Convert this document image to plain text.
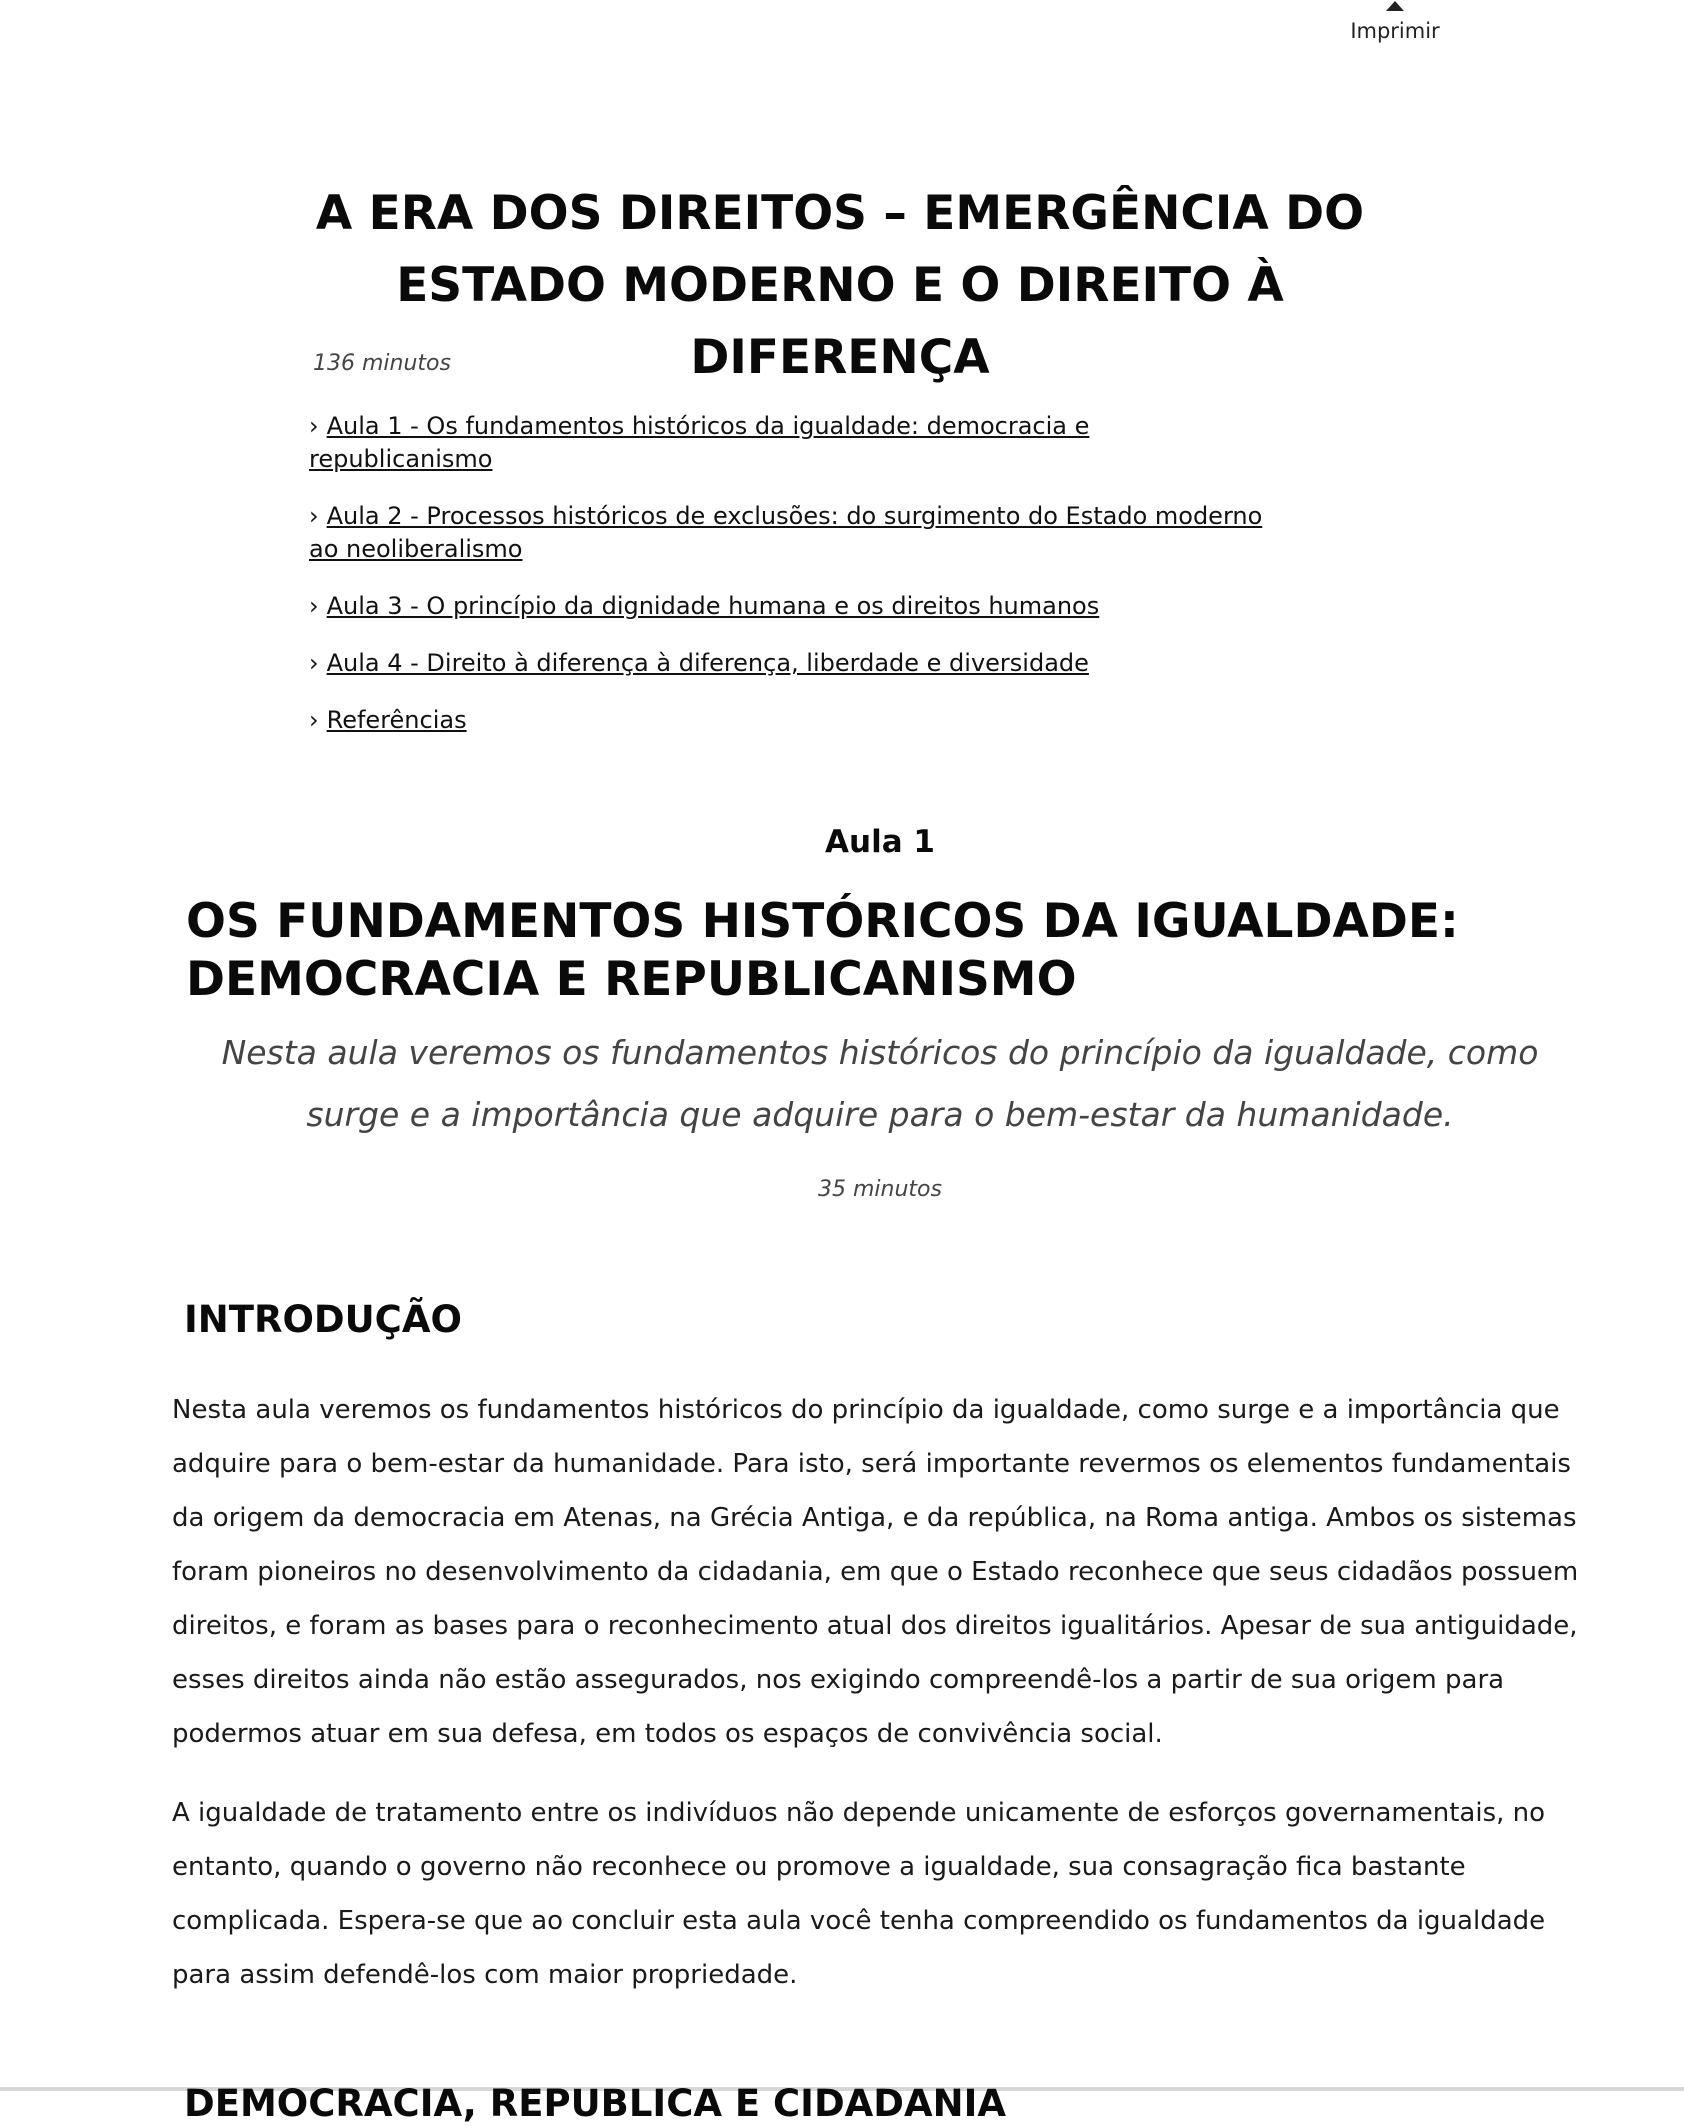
Imprimir
A ERA DOS DIREITOS – EMERGÊNCIA DO ESTADO MODERNO E O DIREITO À DIFERENÇA
136 minutos
› Aula 1 - Os fundamentos históricos da igualdade: democracia e republicanismo
› Aula 2 - Processos históricos de exclusões: do surgimento do Estado moderno ao neoliberalismo
› Aula 3 - O princípio da dignidade humana e os direitos humanos
› Aula 4 - Direito à diferença à diferença, liberdade e diversidade
› Referências
Aula 1
OS FUNDAMENTOS HISTÓRICOS DA IGUALDADE: DEMOCRACIA E REPUBLICANISMO

Nesta aula veremos os fundamentos históricos do princípio da igualdade, como surge e a importância que adquire para o bem-estar da humanidade.

35 minutos
INTRODUÇÃO

Nesta aula veremos os fundamentos históricos do princípio da igualdade, como surge e a importância que adquire para o bem-estar da humanidade. Para isto, será importante revermos os elementos fundamentais da origem da democracia em Atenas, na Grécia Antiga, e da república, na Roma antiga. Ambos os sistemas foram pioneiros no desenvolvimento da cidadania, em que o Estado reconhece que seus cidadãos possuem direitos, e foram as bases para o reconhecimento atual dos direitos igualitários. Apesar de sua antiguidade, esses direitos ainda não estão assegurados, nos exigindo compreendê-los a partir de sua origem para podermos atuar em sua defesa, em todos os espaços de convivência social.

A igualdade de tratamento entre os indivíduos não depende unicamente de esforços governamentais, no entanto, quando o governo não reconhece ou promove a igualdade, sua consagração fica bastante complicada. Espera-se que ao concluir esta aula você tenha compreendido os fundamentos da igualdade para assim defendê-los com maior propriedade.

DEMOCRACIA, REPUBLICA E CIDADANIA
